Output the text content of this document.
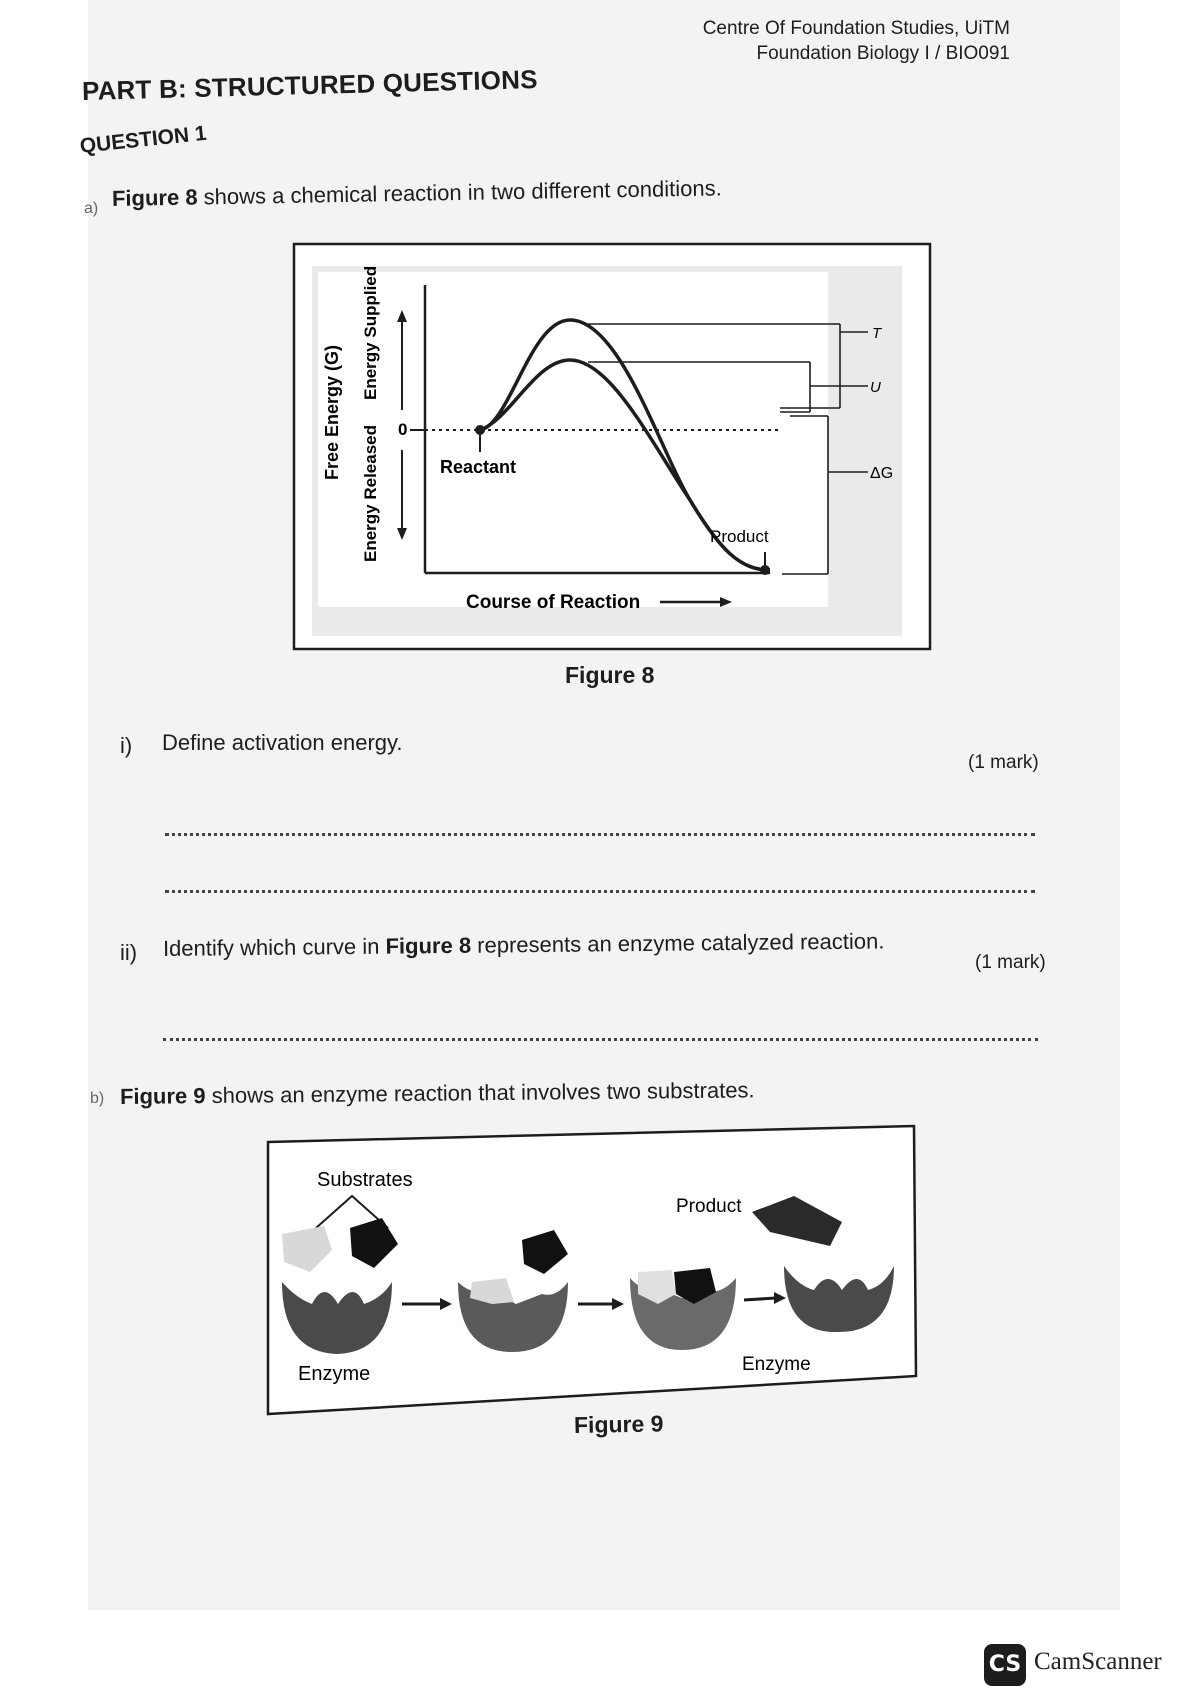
Centre Of Foundation Studies, UiTM
Foundation Biology I / BIO091
PART B: STRUCTURED QUESTIONS
QUESTION 1
a) Figure 8 shows a chemical reaction in two different conditions.
0
Free Energy (G)
Energy Released
Energy Supplied
Reactant
Product
Course of Reaction
T
U
ΔG
Figure 8
i) Define activation energy.
(1 mark)
ii) Identify which curve in Figure 8 represents an enzyme catalyzed reaction.
(1 mark)
b) Figure 9 shows an enzyme reaction that involves two substrates.
Substrates
Enzyme
Product
Enzyme
Figure 9
CS CamScanner
